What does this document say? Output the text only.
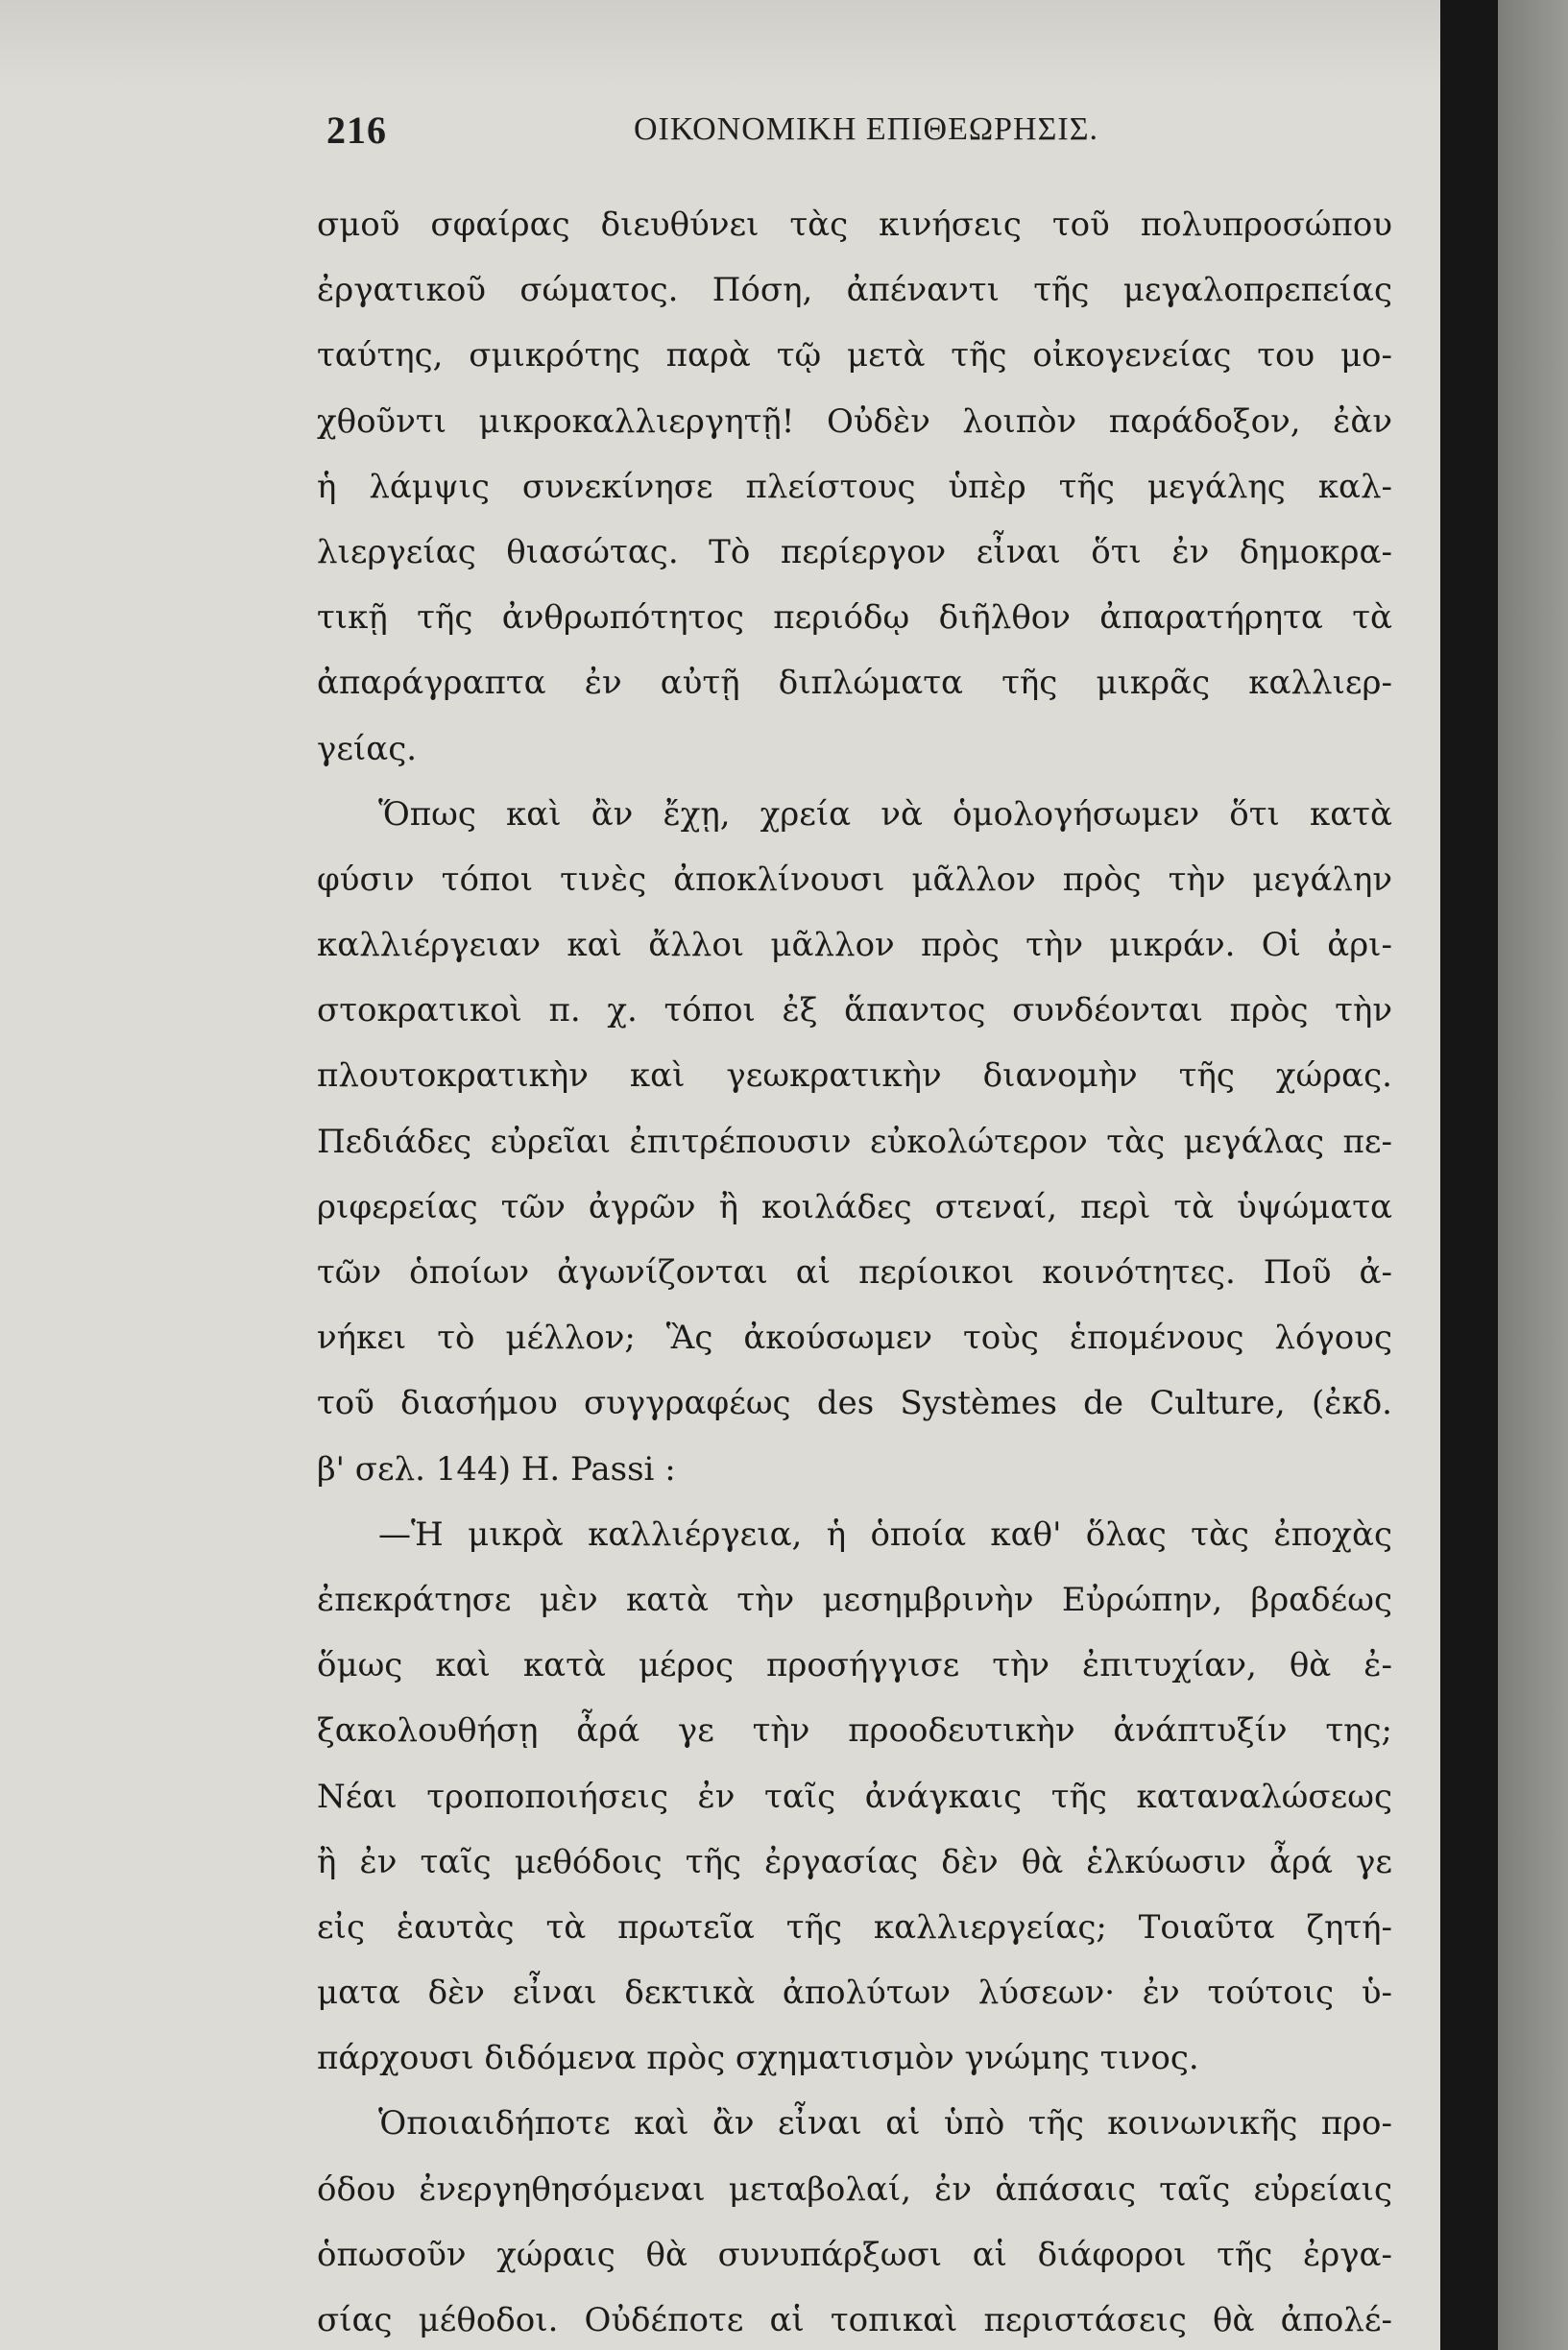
216	ΟΙΚΟΝΟΜΙΚΗ ΕΠΙΘΕΩΡΗΣΙΣ.
σμοῦ σφαίρας διευθύνει τὰς κινήσεις τοῦ πολυπροσώπου
ἐργατικοῦ σώματος. Πόση, ἀπέναντι τῆς μεγαλοπρεπείας
ταύτης, σμικρότης παρὰ τῷ μετὰ τῆς οἰκογενείας του μο-
χθοῦντι μικροκαλλιεργητῇ! Οὐδὲν λοιπὸν παράδοξον, ἐὰν
ἡ λάμψις συνεκίνησε πλείστους ὑπὲρ τῆς μεγάλης καλ-
λιεργείας θιασώτας. Τὸ περίεργον εἶναι ὅτι ἐν δημοκρα-
τικῇ τῆς ἀνθρωπότητος περιόδῳ διῆλθον ἀπαρατήρητα τὰ
ἀπαράγραπτα ἐν αὐτῇ διπλώματα τῆς μικρᾶς καλλιερ-
γείας.
Ὅπως καὶ ἂν ἔχῃ, χρεία νὰ ὁμολογήσωμεν ὅτι κατὰ
φύσιν τόποι τινὲς ἀποκλίνουσι μᾶλλον πρὸς τὴν μεγάλην
καλλιέργειαν καὶ ἄλλοι μᾶλλον πρὸς τὴν μικράν. Οἱ ἀρι-
στοκρατικοὶ π. χ. τόποι ἐξ ἅπαντος συνδέονται πρὸς τὴν
πλουτοκρατικὴν καὶ γεωκρατικὴν διανομὴν τῆς χώρας.
Πεδιάδες εὐρεῖαι ἐπιτρέπουσιν εὐκολώτερον τὰς μεγάλας πε-
ριφερείας τῶν ἀγρῶν ἢ κοιλάδες στεναί, περὶ τὰ ὑψώματα
τῶν ὁποίων ἀγωνίζονται αἱ περίοικοι κοινότητες. Ποῦ ἀ-
νήκει τὸ μέλλον; Ἃς ἀκούσωμεν τοὺς ἑπομένους λόγους
τοῦ διασήμου συγγραφέως des Systèmes de Culture, (ἐκδ.
β' σελ. 144) H. Passi :
—Ἡ μικρὰ καλλιέργεια, ἡ ὁποία καθ' ὅλας τὰς ἐποχὰς
ἐπεκράτησε μὲν κατὰ τὴν μεσημβρινὴν Εὐρώπην, βραδέως
ὅμως καὶ κατὰ μέρος προσήγγισε τὴν ἐπιτυχίαν, θὰ ἐ-
ξακολουθήσῃ ἆρά γε τὴν προοδευτικὴν ἀνάπτυξίν της;
Νέαι τροποποιήσεις ἐν ταῖς ἀνάγκαις τῆς καταναλώσεως
ἢ ἐν ταῖς μεθόδοις τῆς ἐργασίας δὲν θὰ ἑλκύωσιν ἆρά γε
εἰς ἑαυτὰς τὰ πρωτεῖα τῆς καλλιεργείας; Τοιαῦτα ζητή-
ματα δὲν εἶναι δεκτικὰ ἀπολύτων λύσεων· ἐν τούτοις ὑ-
πάρχουσι διδόμενα πρὸς σχηματισμὸν γνώμης τινος.
Ὁποιαιδήποτε καὶ ἂν εἶναι αἱ ὑπὸ τῆς κοινωνικῆς προ-
όδου ἐνεργηθησόμεναι μεταβολαί, ἐν ἁπάσαις ταῖς εὐρείαις
ὁπωσοῦν χώραις θὰ συνυπάρξωσι αἱ διάφοροι τῆς ἐργα-
σίας μέθοδοι. Οὐδέποτε αἱ τοπικαὶ περιστάσεις θὰ ἀπολέ-
